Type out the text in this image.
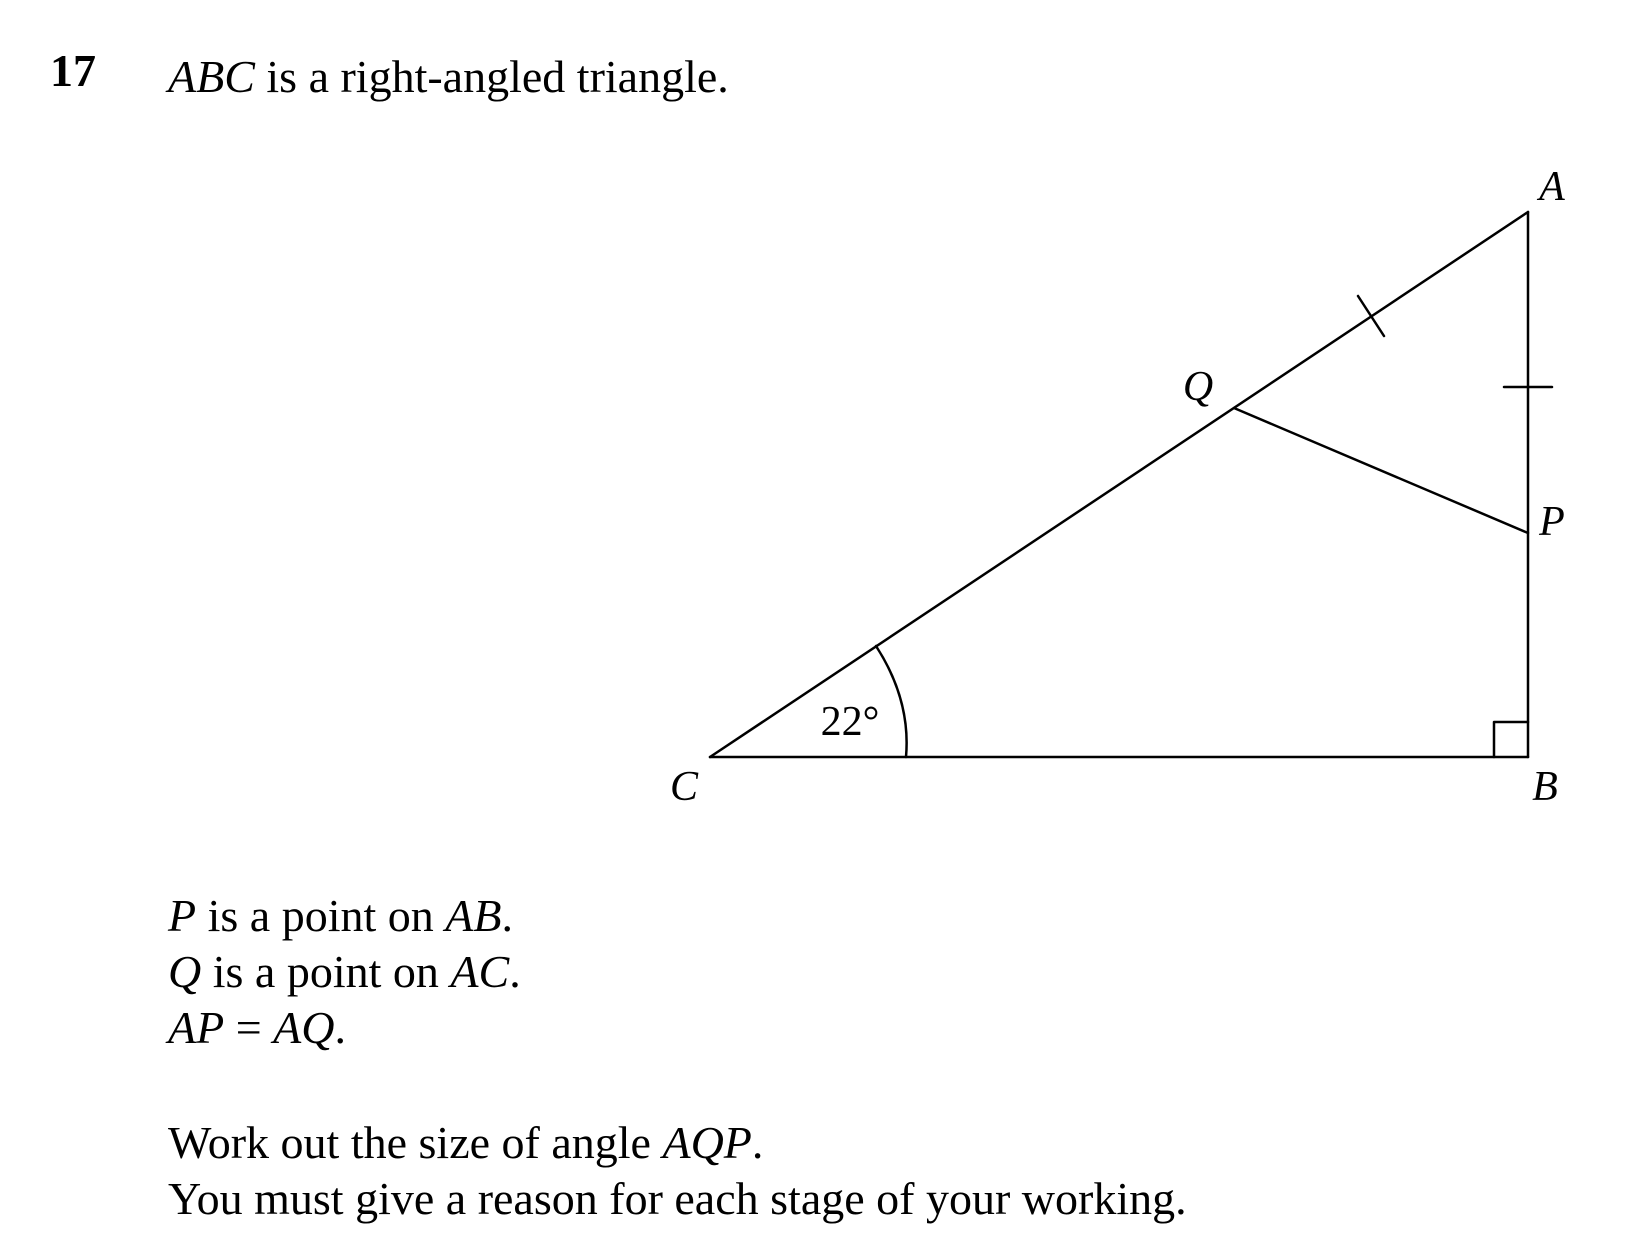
17 ABC is a right-angled triangle.
A
B
C
P
Q
22°
P is a point on AB.
Q is a point on AC.
AP = AQ.
Work out the size of angle AQP.
You must give a reason for each stage of your working.
